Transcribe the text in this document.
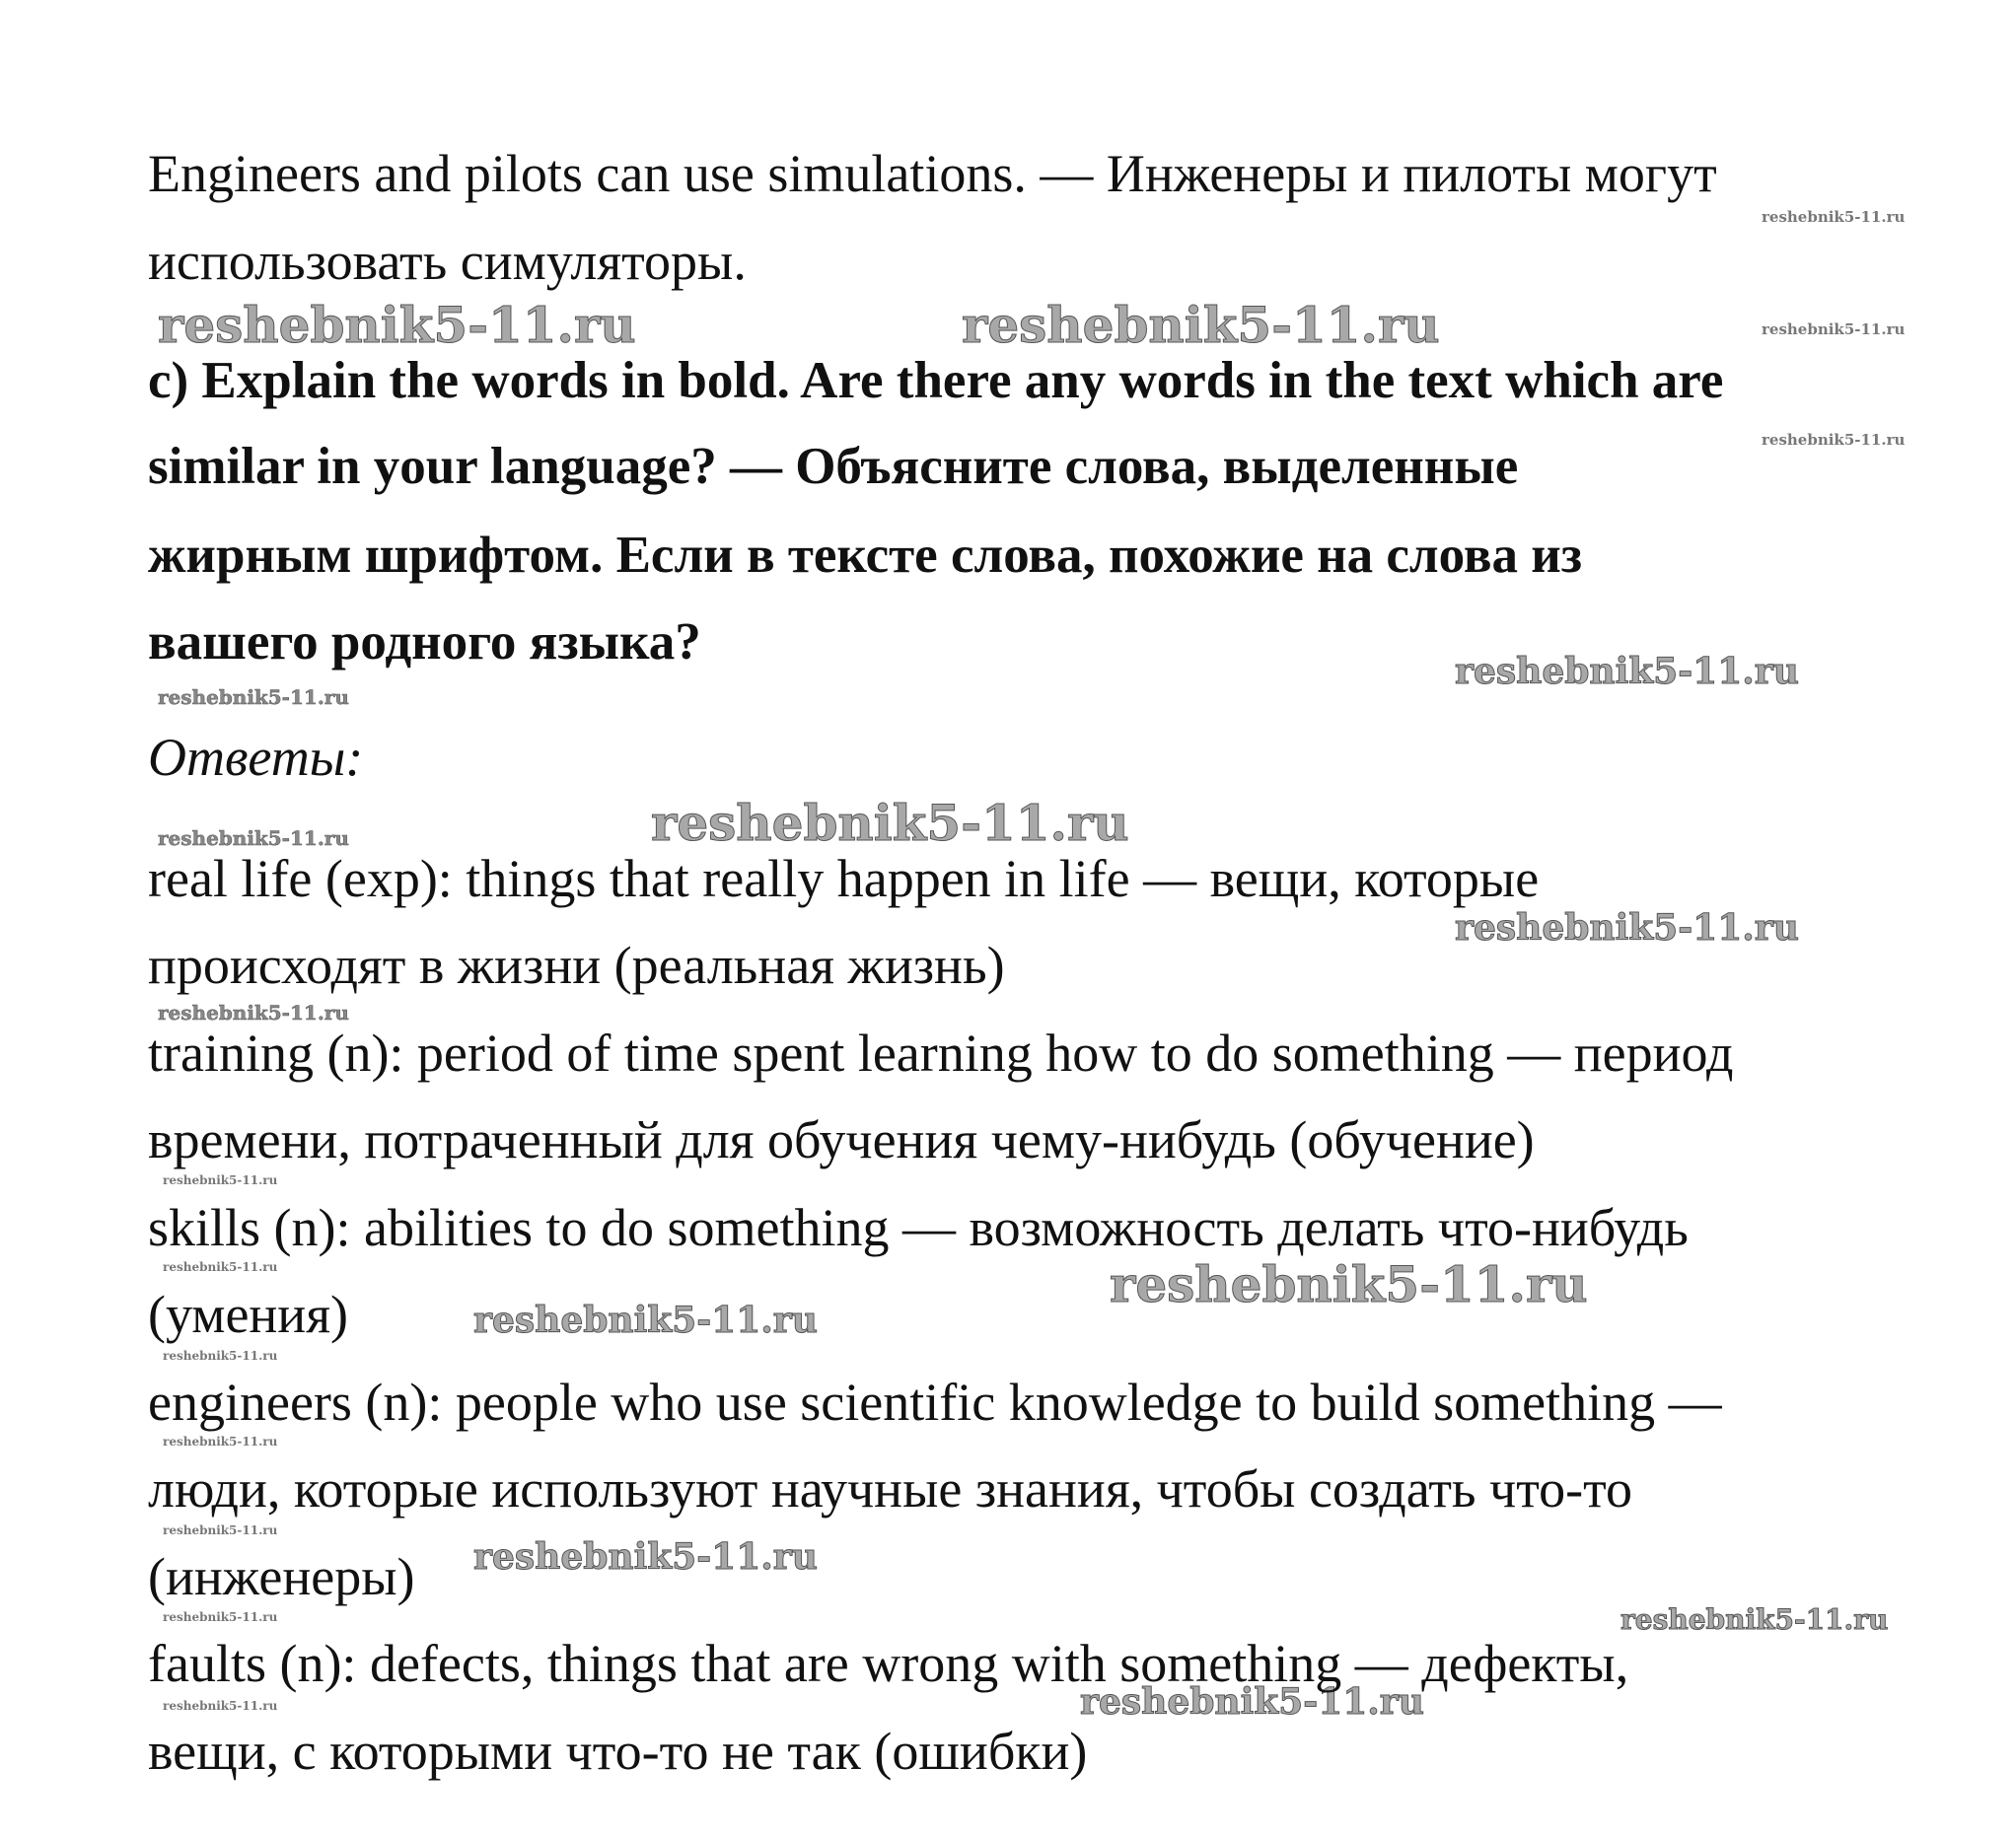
reshebnik5-11.ru	reshebnik5-11.ru
reshebnik5-11.ru
reshebnik5-11.ru
reshebnik5-11.ru
reshebnik5-11.ru
reshebnik5-11.ru
reshebnik5-11.ru
reshebnik5-11.ru
reshebnik5-11.ru
reshebnik5-11.ru
reshebnik5-11.ru
reshebnik5-11.ru
reshebnik5-11.ru
reshebnik5-11.ru
reshebnik5-11.ru
reshebnik5-11.ru
reshebnik5-11.ru
reshebnik5-11.ru
reshebnik5-11.ru
reshebnik5-11.ru
reshebnik5-11.ru
reshebnik5-11.ru
Engineers and pilots can use simulations. — Инженеры и пилоты могут
использовать симуляторы.
c) Explain the words in bold. Are there any words in the text which are
similar in your language? — Объясните слова, выделенные
жирным шрифтом. Если в тексте слова, похожие на слова из
вашего родного языка?
Ответы:
real life (exp): things that really happen in life — вещи, которые
происходят в жизни (реальная жизнь)
training (n): period of time spent learning how to do something — период
времени, потраченный для обучения чему-нибудь (обучение)
skills (n): abilities to do something — возможность делать что-нибудь
(умения)
engineers (n): people who use scientific knowledge to build something —
люди, которые используют научные знания, чтобы создать что-то
(инженеры)
faults (n): defects, things that are wrong with something — дефекты,
вещи, с которыми что-то не так (ошибки)
